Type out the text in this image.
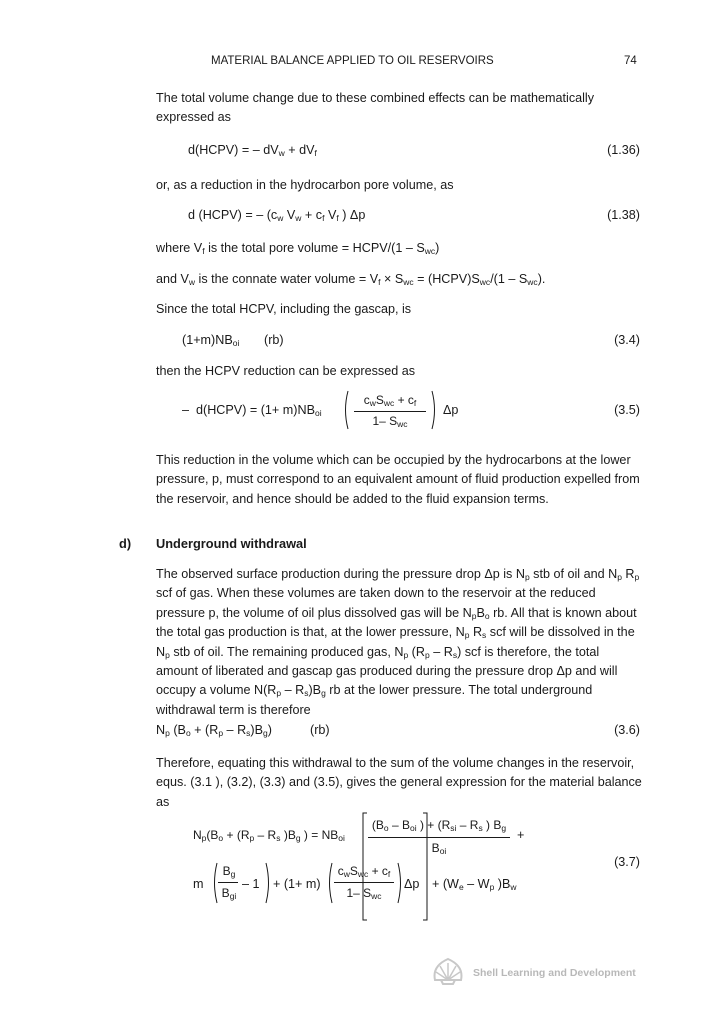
MATERIAL BALANCE APPLIED TO OIL RESERVOIRS	74
The total volume change due to these combined effects can be mathematically expressed as
d(HCPV) = – $dV_w + dV_f$	(1.36)
or, as a reduction in the hydrocarbon pore volume, as
d (HCPV) = – ($c_w$ $V_w + c_f$ $V_f$ ) Δp	(1.38)
where $V_f$ is the total pore volume = HCPV/(1 – $S_{wc}$)
and $V_w$ is the connate water volume = $V_f \times S_{wc}$ = $(HCPV)S_{wc}/(1 - S_{wc})$.
Since the total HCPV, including the gascap, is
$(1+m)NB_{oi}$ (rb)	(3.4)
then the HCPV reduction can be expressed as
–  d(HCPV) = $(1+ m)NB_{oi}$
$c_wS_{wc} + c_f$
1– $S_{wc}$
Δp	(3.5)
This reduction in the volume which can be occupied by the hydrocarbons at the lower pressure, p, must correspond to an equivalent amount of fluid production expelled from the reservoir, and hence should be added to the fluid expansion terms.
d) Underground withdrawal
The observed surface production during the pressure drop Δp is $N_p$ stb of oil and $N_p$ $R_p$ scf of gas. When these volumes are taken down to the reservoir at the reduced pressure p, the volume of oil plus dissolved gas will be $N_pB_o$ rb. All that is known about the total gas production is that, at the lower pressure, $N_p$ $R_s$ scf will be dissolved in the $N_p$ stb of oil. The remaining produced gas, $N_p$ $(R_p - R_s)$ scf is therefore, the total amount of liberated and gascap gas produced during the pressure drop Δp and will occupy a volume $N(R_p - R_s)B_g$ rb at the lower pressure. The total underground withdrawal term is therefore
$N_p$ $(B_o + (R_p - R_s)B_g)$	(rb)	(3.6)
Therefore, equating this withdrawal to the sum of the volume changes in the reservoir, equs. (3.1 ), (3.2), (3.3) and (3.5), gives the general expression for the material balance as
$N_p(B_o + (R_p - R_s$ )$B_g$ ) = $NB_{oi}$
($B_o - B_{oi}$ ) + ($R_{si} - R_s$ ) $B_g$
$B_{oi}$
+
m
$B_g$
$B_{gi}$
– 1 + (1+ m)
$c_wS_{wc} + c_f$
1– $S_{wc}$
$\Delta p + (W_e - W_p$ )$B_w$
(3.7)
Shell Learning and Development
